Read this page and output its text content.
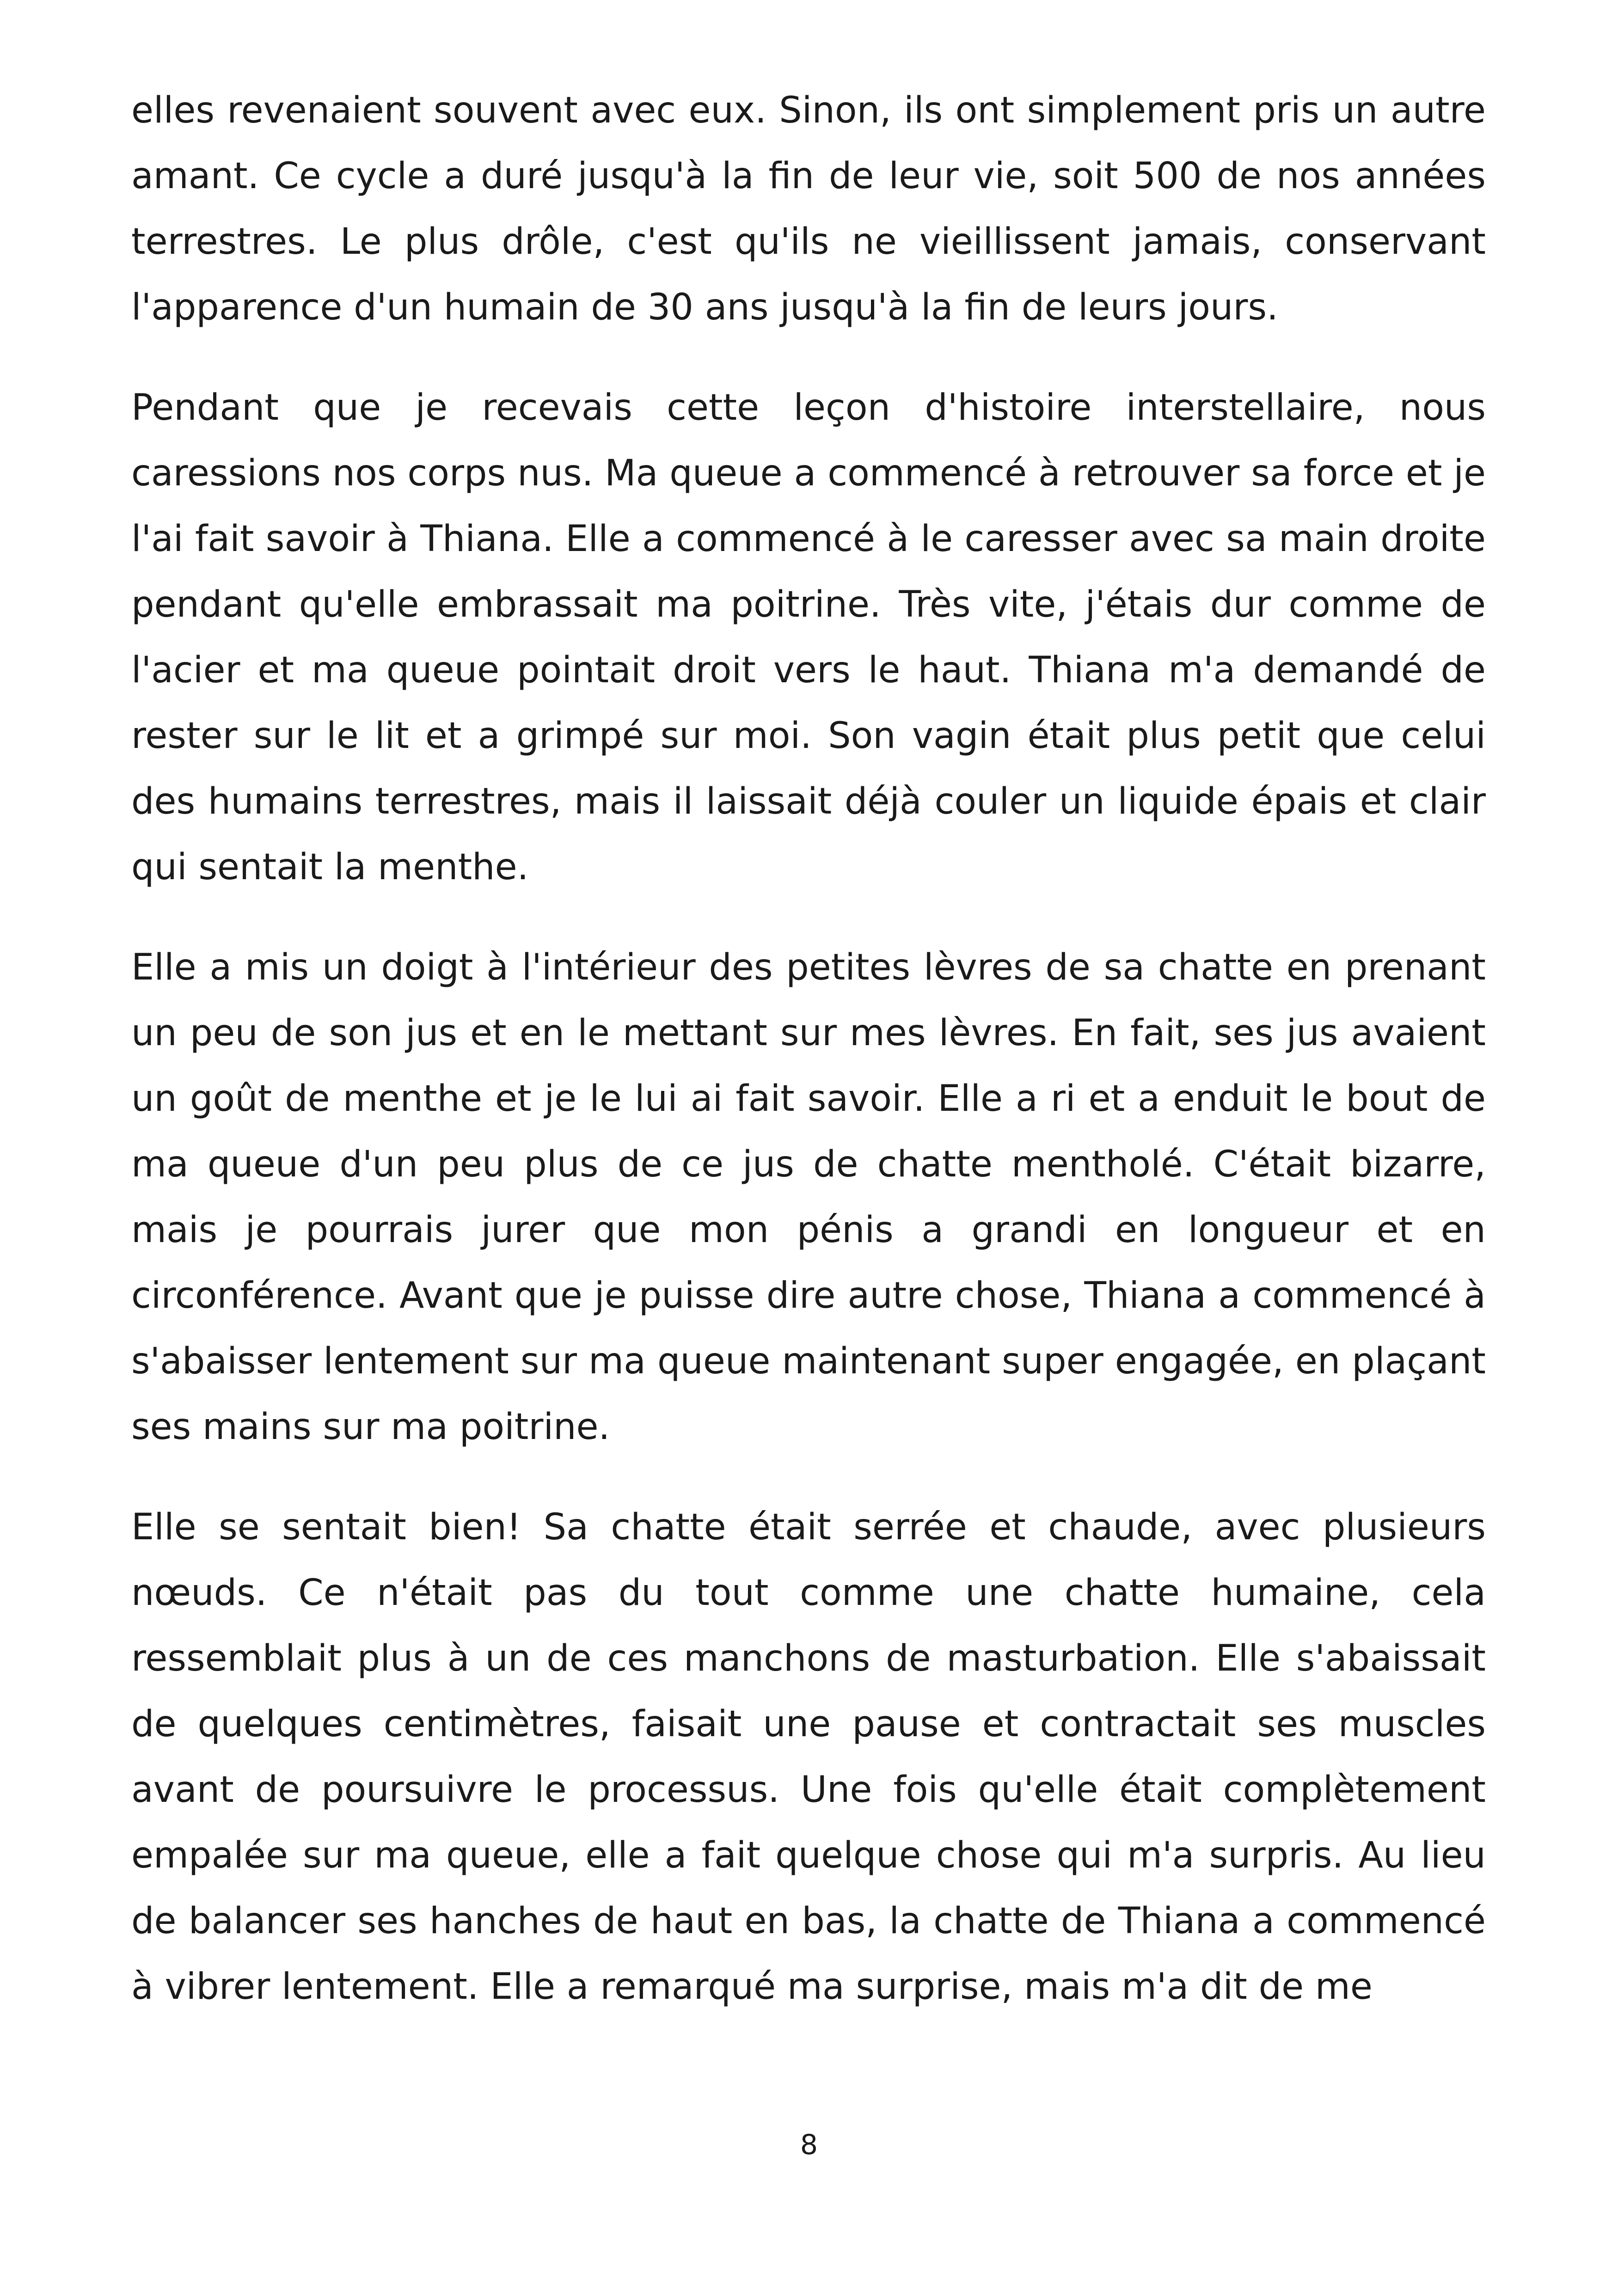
elles revenaient souvent avec eux. Sinon, ils ont simplement pris un autre amant. Ce cycle a duré jusqu'à la fin de leur vie, soit 500 de nos années terrestres. Le plus drôle, c'est qu'ils ne vieillissent jamais, conservant l'apparence d'un humain de 30 ans jusqu'à la fin de leurs jours.

Pendant que je recevais cette leçon d'histoire interstellaire, nous caressions nos corps nus. Ma queue a commencé à retrouver sa force et je l'ai fait savoir à Thiana. Elle a commencé à le caresser avec sa main droite pendant qu'elle embrassait ma poitrine. Très vite, j'étais dur comme de l'acier et ma queue pointait droit vers le haut. Thiana m'a demandé de rester sur le lit et a grimpé sur moi. Son vagin était plus petit que celui des humains terrestres, mais il laissait déjà couler un liquide épais et clair qui sentait la menthe.

Elle a mis un doigt à l'intérieur des petites lèvres de sa chatte en prenant un peu de son jus et en le mettant sur mes lèvres. En fait, ses jus avaient un goût de menthe et je le lui ai fait savoir. Elle a ri et a enduit le bout de ma queue d'un peu plus de ce jus de chatte mentholé. C'était bizarre, mais je pourrais jurer que mon pénis a grandi en longueur et en circonférence. Avant que je puisse dire autre chose, Thiana a commencé à s'abaisser lentement sur ma queue maintenant super engagée, en plaçant ses mains sur ma poitrine.

Elle se sentait bien! Sa chatte était serrée et chaude, avec plusieurs nœuds. Ce n'était pas du tout comme une chatte humaine, cela ressemblait plus à un de ces manchons de masturbation. Elle s'abaissait de quelques centimètres, faisait une pause et contractait ses muscles avant de poursuivre le processus. Une fois qu'elle était complètement empalée sur ma queue, elle a fait quelque chose qui m'a surpris. Au lieu de balancer ses hanches de haut en bas, la chatte de Thiana a commencé à vibrer lentement. Elle a remarqué ma surprise, mais m'a dit de me

8
